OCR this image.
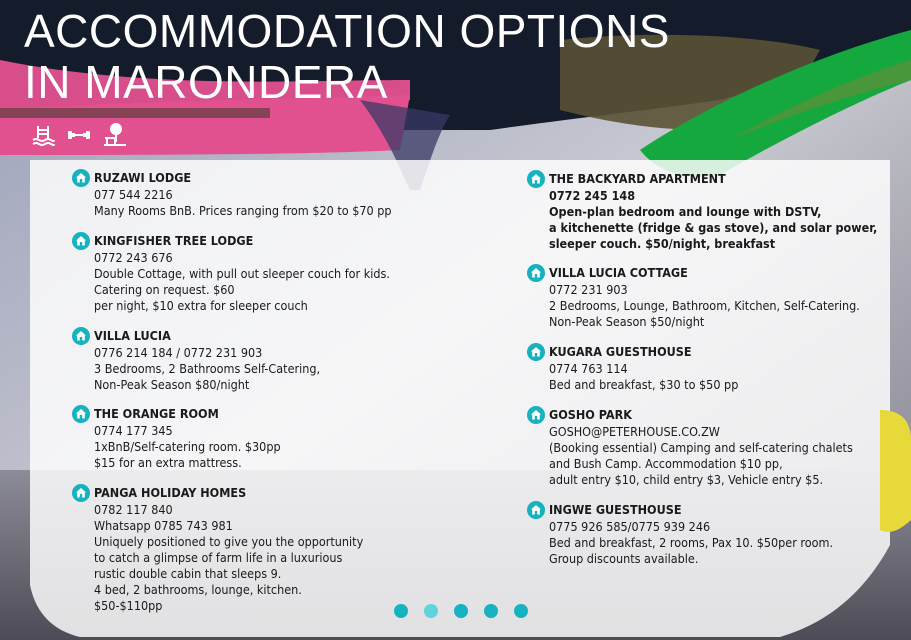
ACCOMMODATION OPTIONS
IN MARONDERA
RUZAWI LODGE
077 544 2216
Many Rooms BnB. Prices ranging from $20 to $70 pp
KINGFISHER TREE LODGE
0772 243 676
Double Cottage, with pull out sleeper couch for kids.
Catering on request. $60
per night, $10 extra for sleeper couch
VILLA LUCIA
0776 214 184 / 0772 231 903
3 Bedrooms, 2 Bathrooms Self-Catering,
Non-Peak Season $80/night
THE ORANGE ROOM
0774 177 345
1xBnB/Self-catering room. $30pp
$15 for an extra mattress.
PANGA HOLIDAY HOMES
0782 117 840
Whatsapp 0785 743 981
Uniquely positioned to give you the opportunity
to catch a glimpse of farm life in a luxurious
rustic double cabin that sleeps 9.
4 bed, 2 bathrooms, lounge, kitchen.
$50-$110pp
THE BACKYARD APARTMENT
0772 245 148
Open-plan bedroom and lounge with DSTV,
a kitchenette (fridge & gas stove), and solar power,
sleeper couch. $50/night, breakfast
VILLA LUCIA COTTAGE
0772 231 903
2 Bedrooms, Lounge, Bathroom, Kitchen, Self-Catering.
Non-Peak Season $50/night
KUGARA GUESTHOUSE
0774 763 114
Bed and breakfast, $30 to $50 pp
GOSHO PARK
GOSHO@PETERHOUSE.CO.ZW
(Booking essential) Camping and self-catering chalets
and Bush Camp. Accommodation $10 pp,
adult entry $10, child entry $3, Vehicle entry $5.
INGWE GUESTHOUSE
0775 926 585/0775 939 246
Bed and breakfast, 2 rooms, Pax 10. $50per room.
Group discounts available.
